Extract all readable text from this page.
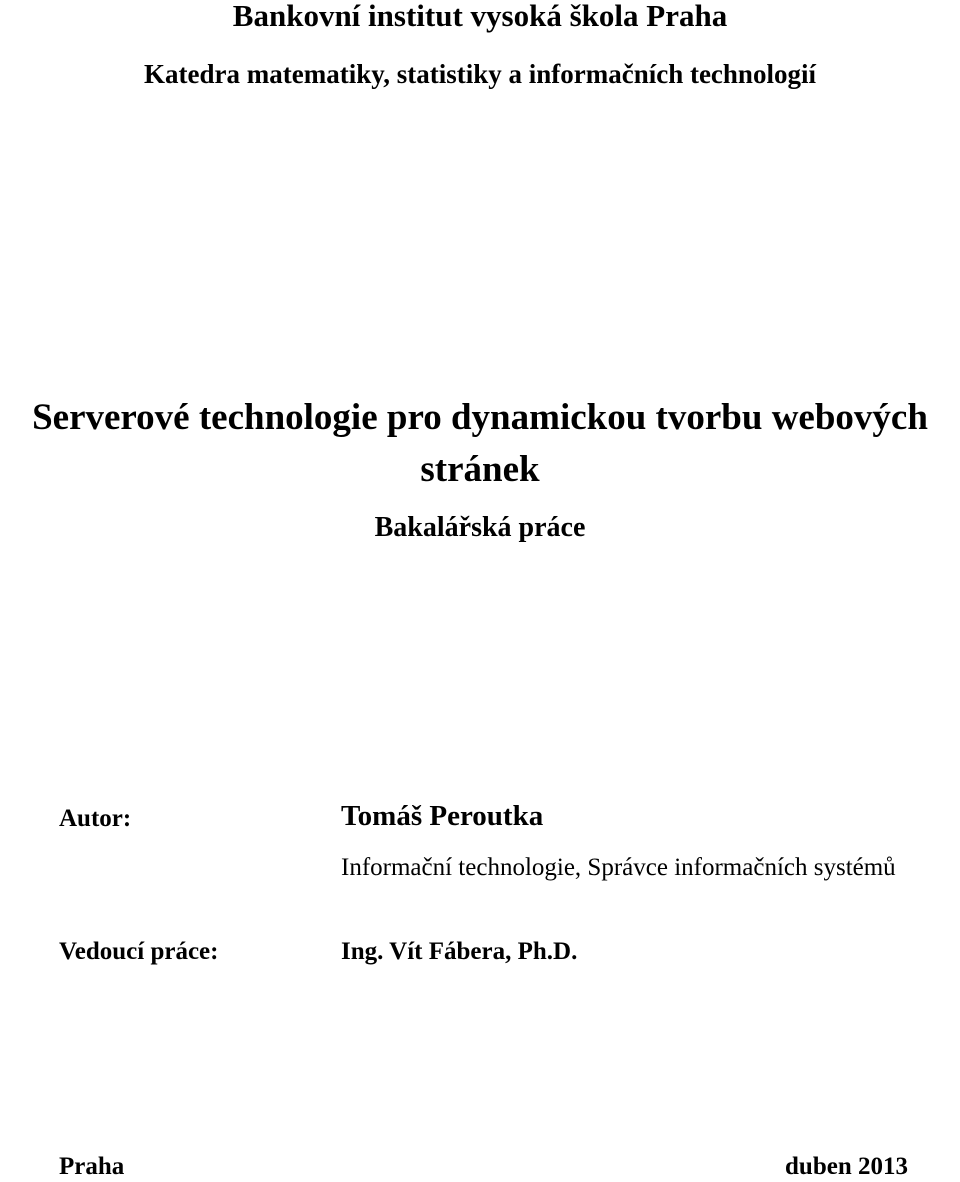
Bankovní institut vysoká škola Praha
Katedra matematiky, statistiky a informačních technologií
Serverové technologie pro dynamickou tvorbu webových
stránek
Bakalářská práce
Autor:	Tomáš Peroutka
Informační technologie, Správce informačních systémů
Vedoucí práce:	Ing. Vít Fábera, Ph.D.
Praha	duben 2013
